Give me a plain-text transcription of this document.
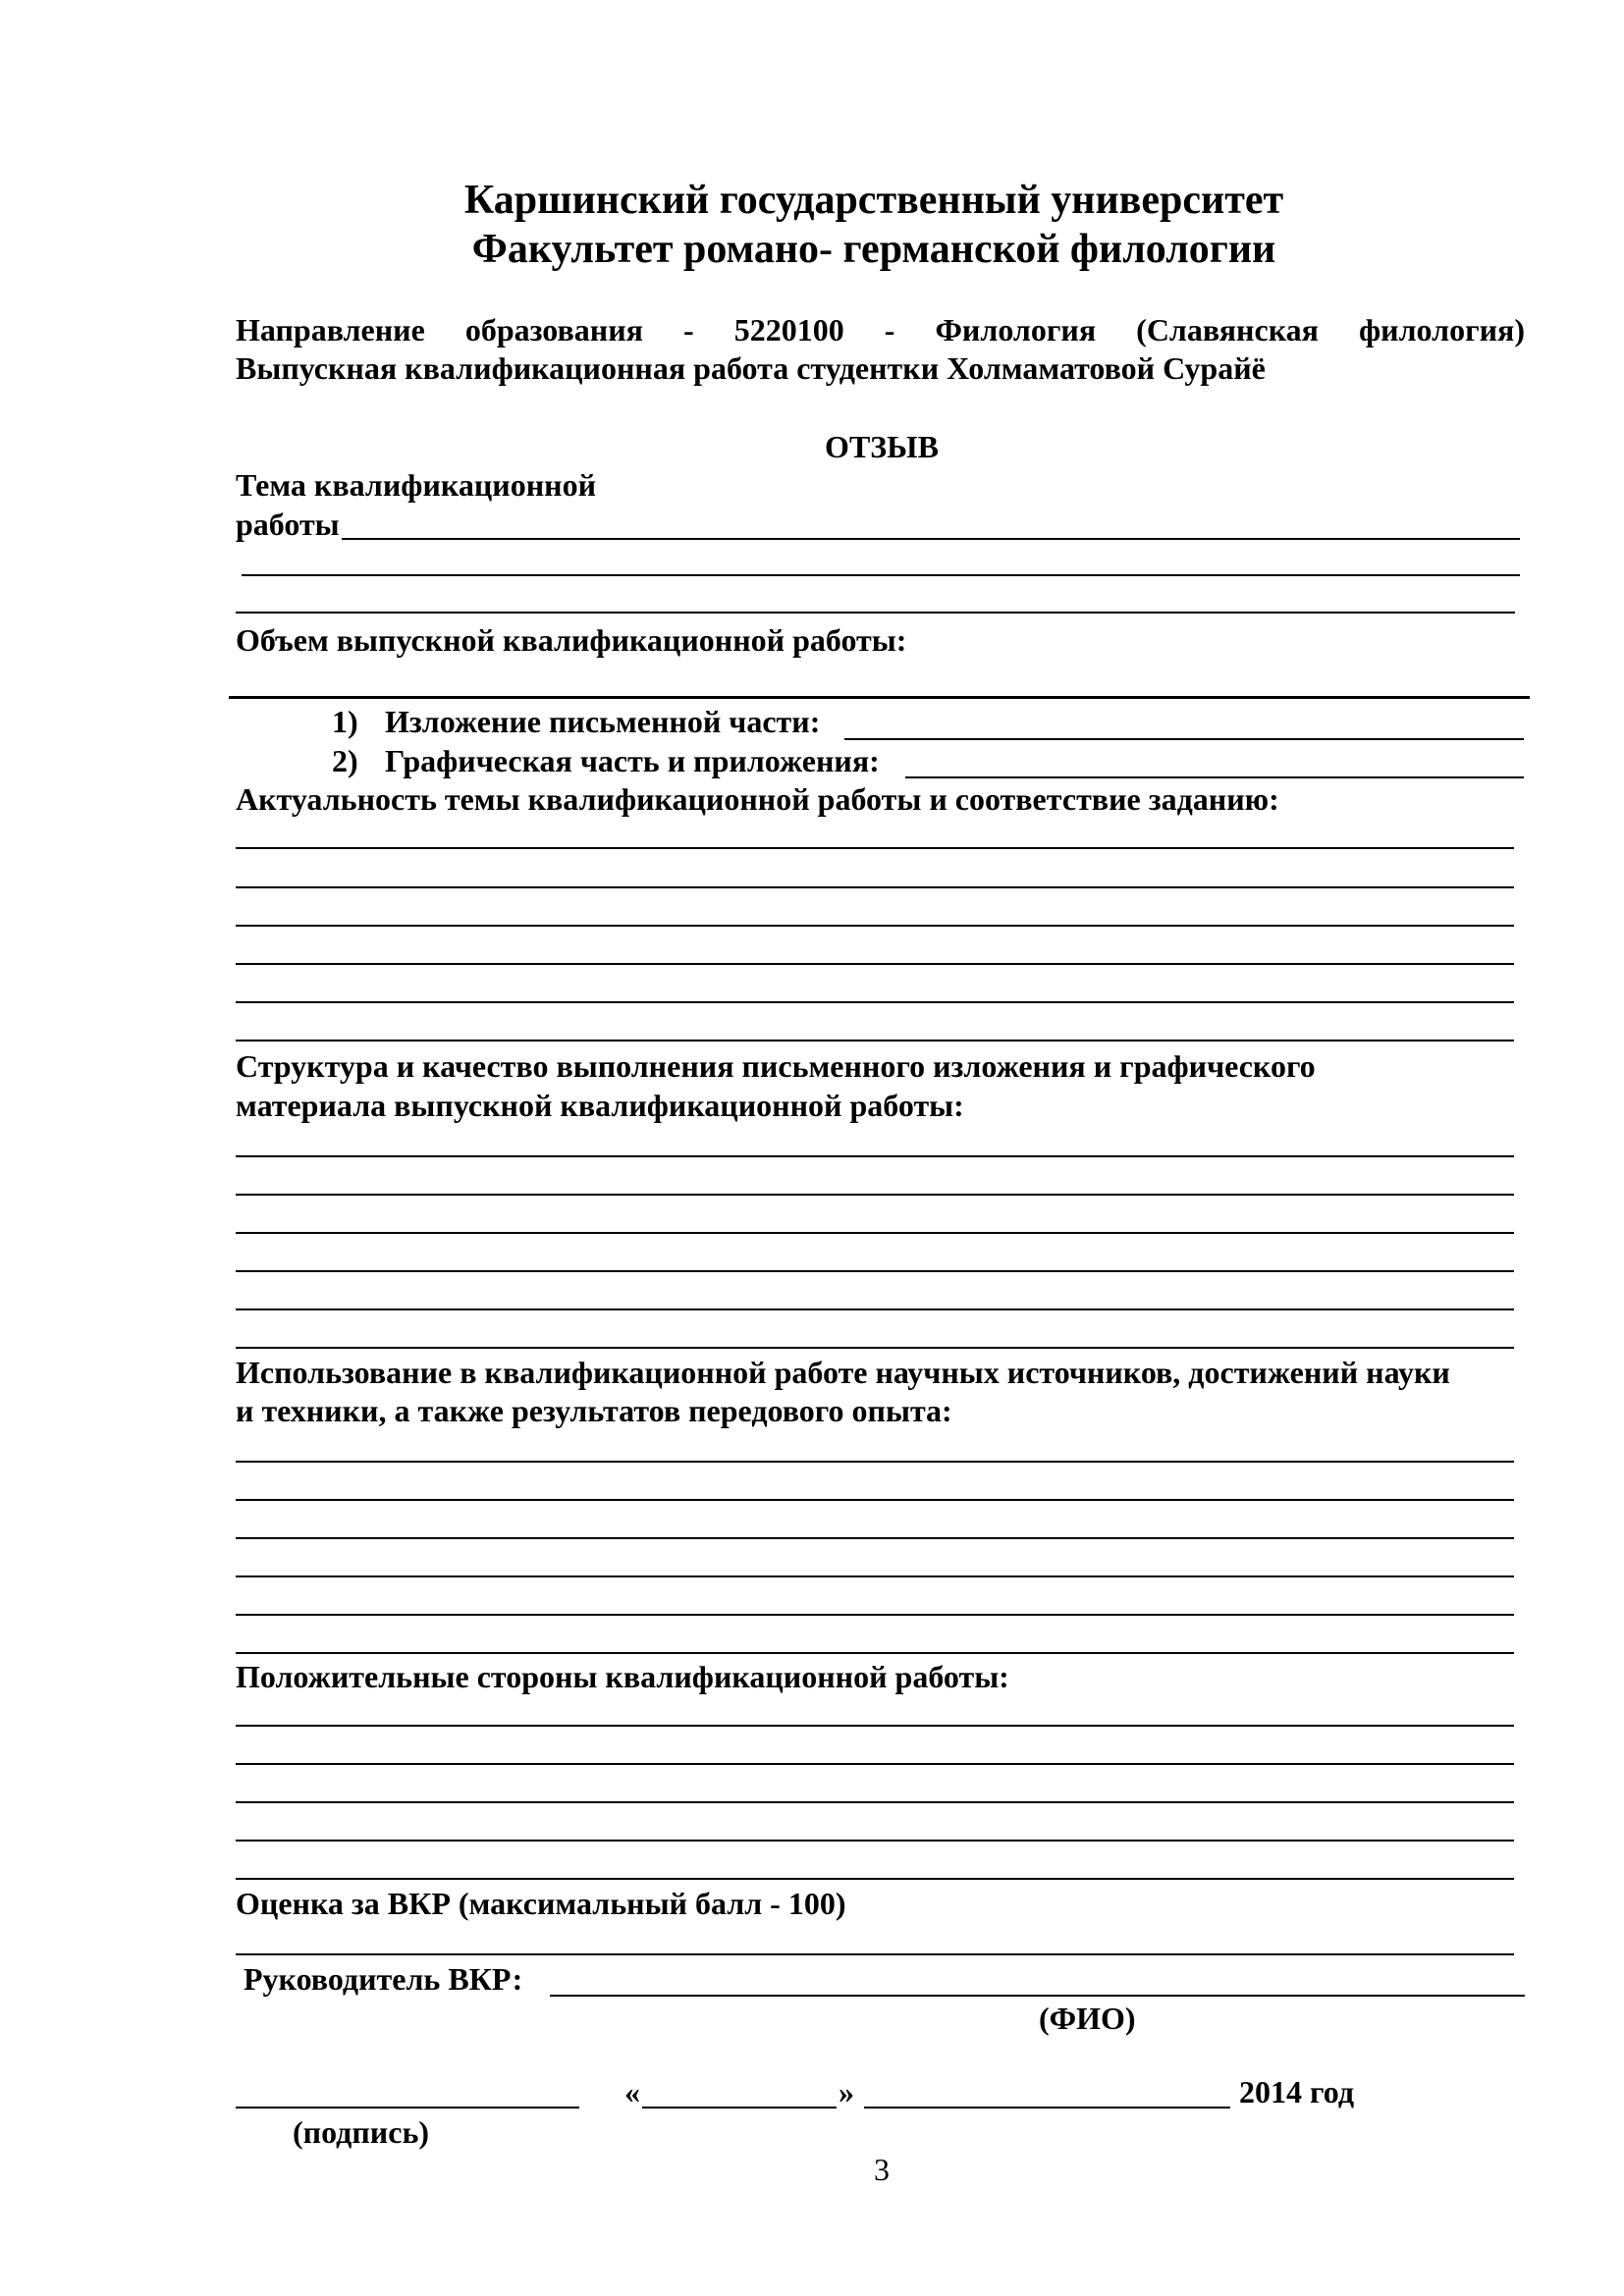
Каршинский государственный университет
Факультет романо- германской филологии
Направление образования - 5220100 - Филология (Славянская филология)
Выпускная квалификационная работа студентки Холмаматовой Сурайё
ОТЗЫВ
Тема квалификационной
работы
Объем выпускной квалификационной работы:
1) Изложение письменной части:
2) Графическая часть и приложения:
Актуальность темы квалификационной работы и соответствие заданию:
Структура и качество выполнения письменного изложения и графического
материала выпускной квалификационной работы:
Использование в квалификационной работе научных источников, достижений науки
и техники, а также результатов передового опыта:
Положительные стороны квалификационной работы:
Оценка за ВКР (максимальный балл - 100)
Руководитель ВКР:
(ФИО)
«	»	2014 год
(подпись)
3
